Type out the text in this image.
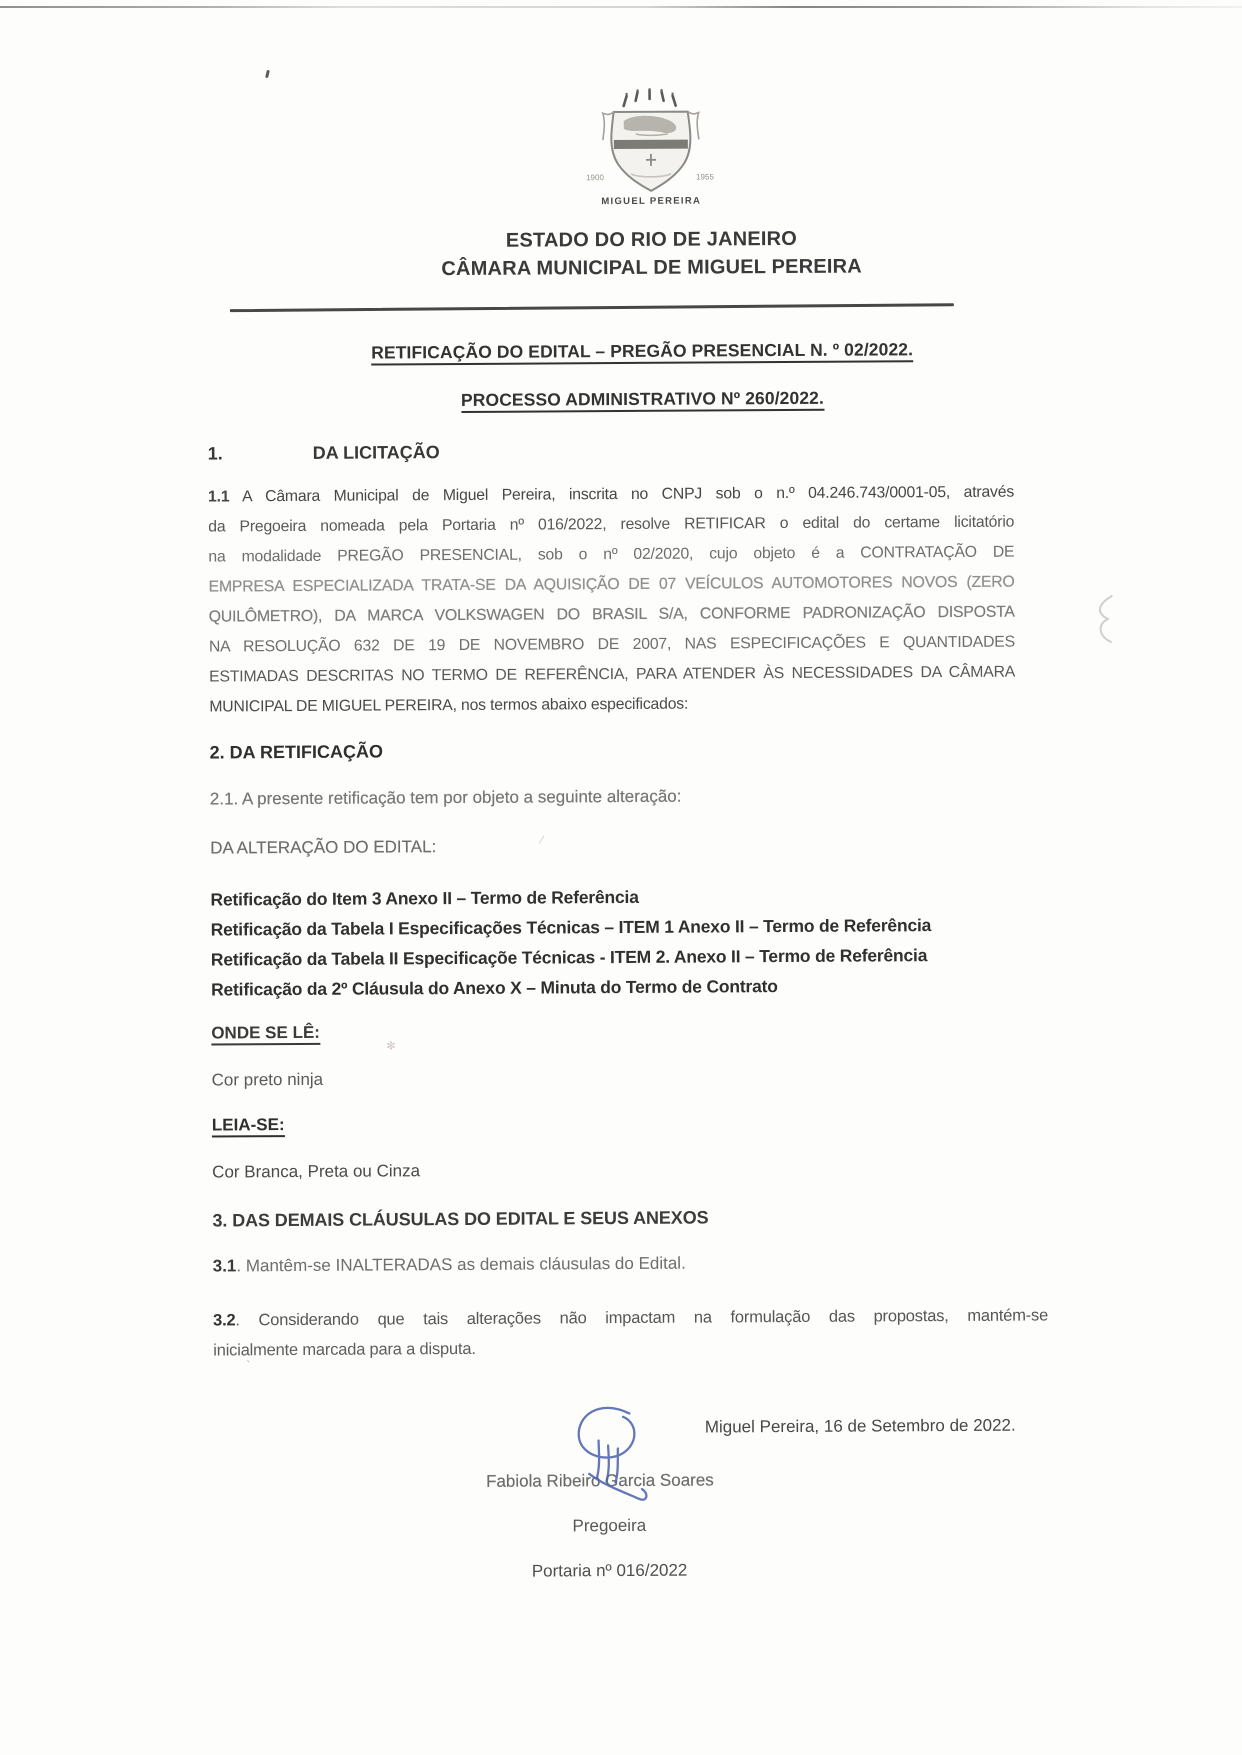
1900	1955
MIGUEL PEREIRA
ESTADO DO RIO DE JANEIRO
CÂMARA MUNICIPAL DE MIGUEL PEREIRA
RETIFICAÇÃO DO EDITAL – PREGÃO PRESENCIAL N. º 02/2022.
PROCESSO ADMINISTRATIVO Nº 260/2022.
1.	DA LICITAÇÃO
1.1 A Câmara Municipal de Miguel Pereira, inscrita no CNPJ sob o n.º 04.246.743/0001-05, através
da Pregoeira nomeada pela Portaria nº 016/2022, resolve RETIFICAR o edital do certame licitatório
na modalidade PREGÃO PRESENCIAL, sob o nº 02/2020, cujo objeto é a CONTRATAÇÃO DE
EMPRESA ESPECIALIZADA TRATA-SE DA AQUISIÇÃO DE 07 VEÍCULOS AUTOMOTORES NOVOS (ZERO
QUILÔMETRO), DA MARCA VOLKSWAGEN DO BRASIL S/A, CONFORME PADRONIZAÇÃO DISPOSTA
NA RESOLUÇÃO 632 DE 19 DE NOVEMBRO DE 2007, NAS ESPECIFICAÇÕES E QUANTIDADES
ESTIMADAS DESCRITAS NO TERMO DE REFERÊNCIA, PARA ATENDER ÀS NECESSIDADES DA CÂMARA
MUNICIPAL DE MIGUEL PEREIRA, nos termos abaixo especificados:
2. DA RETIFICAÇÃO
2.1. A presente retificação tem por objeto a seguinte alteração:
DA ALTERAÇÃO DO EDITAL:	⁄
Retificação do Item 3 Anexo II – Termo de Referência
Retificação da Tabela I Especificações Técnicas – ITEM 1 Anexo II – Termo de Referência
Retificação da Tabela II Especificaçõe Técnicas - ITEM 2. Anexo II – Termo de Referência
Retificação da 2º Cláusula do Anexo X – Minuta do Termo de Contrato
ONDE SE LÊ:
✻
Cor preto ninja
LEIA-SE:
Cor Branca, Preta ou Cinza
3. DAS DEMAIS CLÁUSULAS DO EDITAL E SEUS ANEXOS
3.1. Mantêm-se INALTERADAS as demais cláusulas do Edital.
3.2. Considerando que tais alterações não impactam na formulação das propostas, mantém-se
inicialmente marcada para a disputa.
`
Miguel Pereira, 16 de Setembro de 2022.
Fabiola Ribeiro Garcia Soares
Pregoeira
Portaria nº 016/2022
